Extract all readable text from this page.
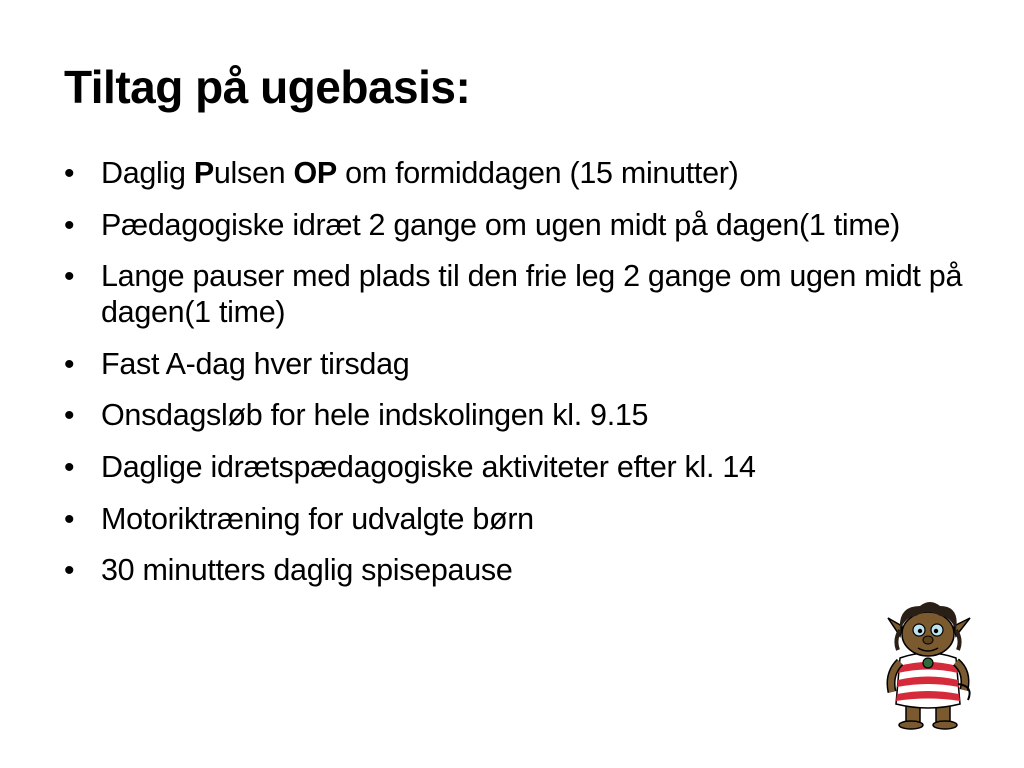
Tiltag på ugebasis:
• Daglig Pulsen OP om formiddagen (15 minutter)
• Pædagogiske idræt 2 gange om ugen midt på dagen(1 time)
• Lange pauser med plads til den frie leg 2 gange om ugen midt på dagen(1 time)
• Fast A-dag hver tirsdag
• Onsdagsløb for hele indskolingen kl. 9.15
• Daglige idrætspædagogiske aktiviteter efter kl. 14
• Motoriktræning for udvalgte børn
• 30 minutters daglig spisepause
